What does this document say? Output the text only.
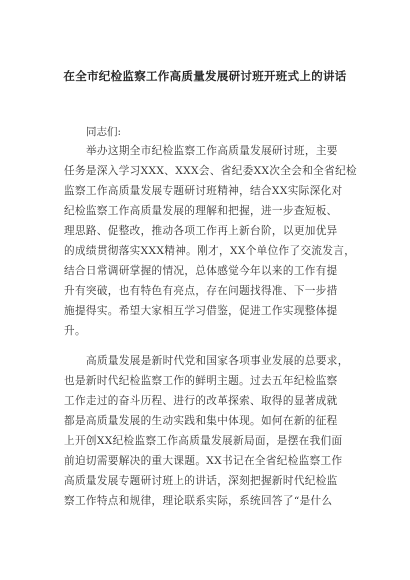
在全市纪检监察工作高质量发展研讨班开班式上的讲话
同志们:
举办这期全市纪检监察工作高质量发展研讨班，主要
任务是深入学习XXX、XXX会、省纪委XX次全会和全省纪检
监察工作高质量发展专题研讨班精神，结合XX实际深化对
纪检监察工作高质量发展的理解和把握，进一步查短板、
理思路、促整改，推动各项工作再上新台阶，以更加优异
的成绩贯彻落实XXX精神。刚才，XX个单位作了交流发言，
结合日常调研掌握的情况，总体感觉今年以来的工作有提
升有突破，也有特色有亮点，存在问题找得准、下一步措
施提得实。希望大家相互学习借鉴，促进工作实现整体提
升。
高质量发展是新时代党和国家各项事业发展的总要求，
也是新时代纪检监察工作的鲜明主题。过去五年纪检监察
工作走过的奋斗历程、进行的改革探索、取得的显著成就
都是高质量发展的生动实践和集中体现。如何在新的征程
上开创XX纪检监察工作高质量发展新局面，是摆在我们面
前迫切需要解决的重大课题。XX书记在全省纪检监察工作
高质量发展专题研讨班上的讲话，深刻把握新时代纪检监
察工作特点和规律，理论联系实际，系统回答了“是什么
